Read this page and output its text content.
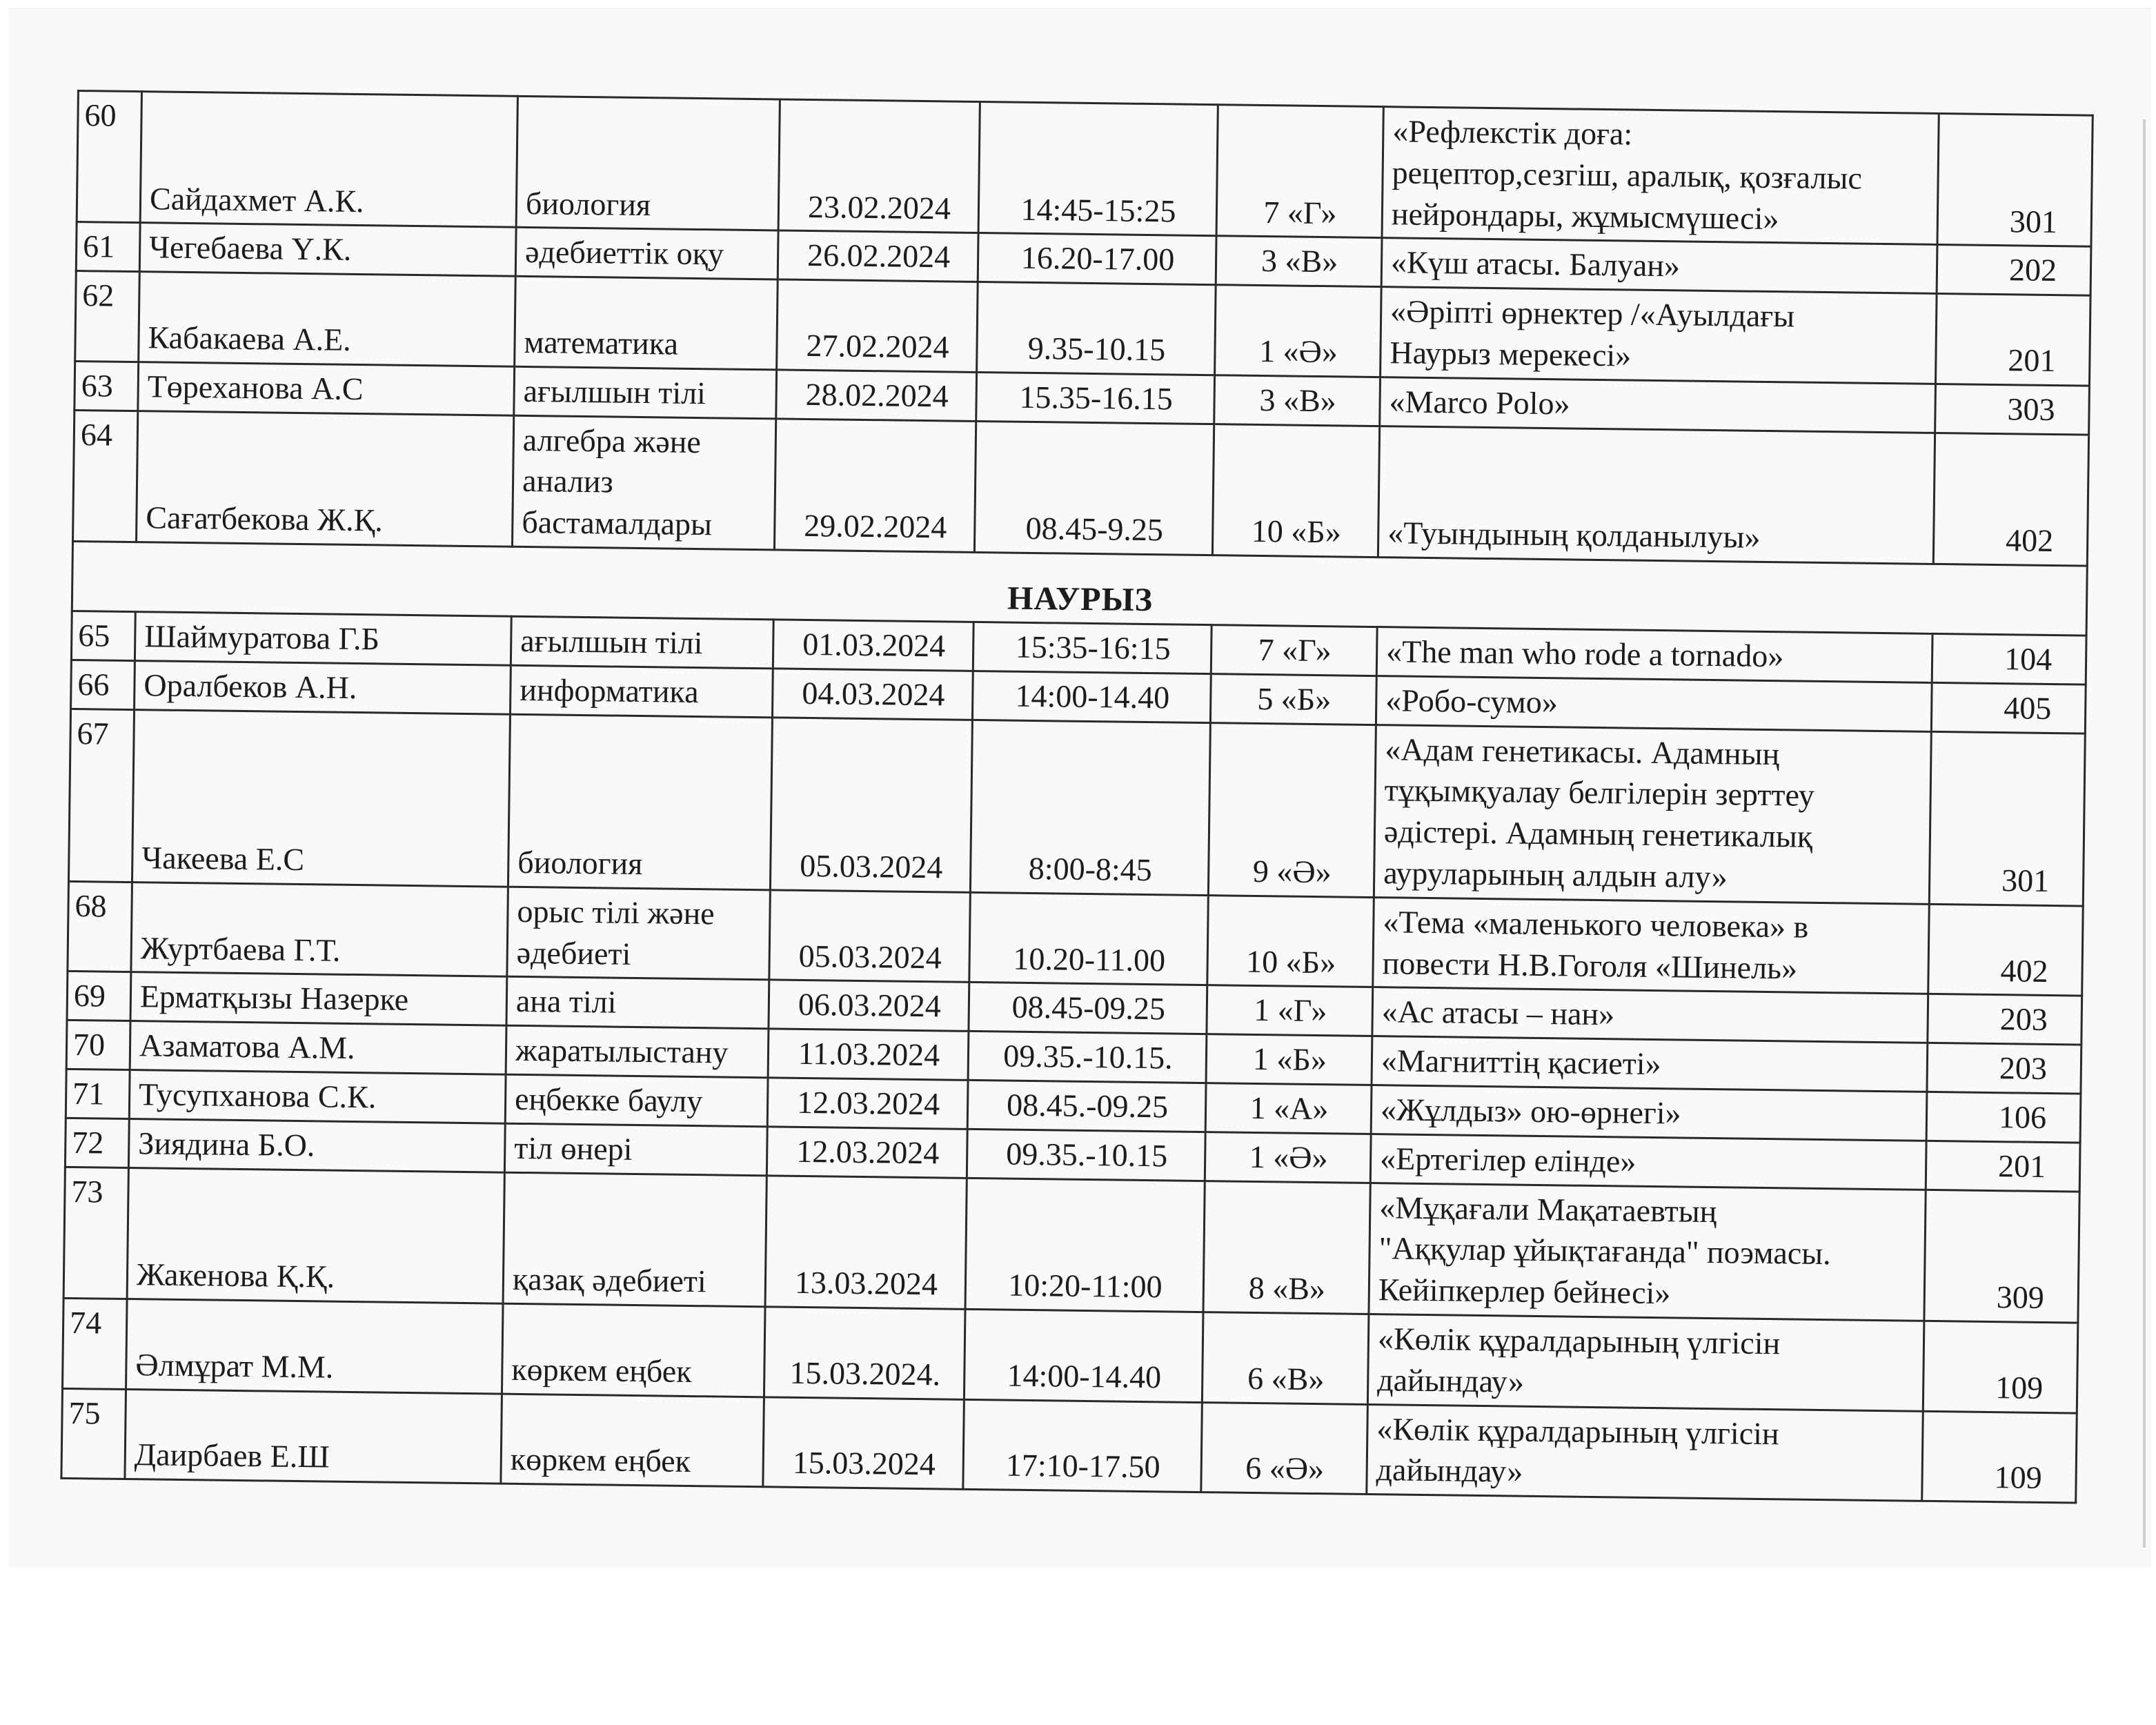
60	Сайдахмет А.К.	биология	23.02.2024	14:45-15:25	7 «Г»	«Рефлекстік доға:
рецептор,сезгіш, аралық, қозғалыс
нейрондары, жұмысмүшесі»	301
61	Чегебаева Ү.К.	әдебиеттік оқу	26.02.2024	16.20-17.00	3 «В»	«Күш атасы. Балуан»	202
62	Кабакаева А.Е.	математика	27.02.2024	9.35-10.15	1 «Ә»	«Әріпті өрнектер /«Ауылдағы
Наурыз мерекесі»	201
63	Төреханова А.С	ағылшын тілі	28.02.2024	15.35-16.15	3 «В»	«Marco Polo»	303
64	Сағатбекова Ж.Қ.	алгебра және
анализ
бастамалдары	29.02.2024	08.45-9.25	10 «Б»	«Туындының қолданылуы»	402
НАУРЫЗ							
65	Шаймуратова Г.Б	ағылшын тілі	01.03.2024	15:35-16:15	7 «Г»	«The man who rode a tornado»	104
66	Оралбеков А.Н.	информатика	04.03.2024	14:00-14.40	5 «Б»	«Робо-сумо»	405
67	Чакеева Е.С	биология	05.03.2024	8:00-8:45	9 «Ә»	«Адам генетикасы. Адамның
тұқымқуалау белгілерін зерттеу
әдістері. Адамның генетикалық
ауруларының алдын алу»	301
68	Журтбаева Г.Т.	орыс тілі және
әдебиеті	05.03.2024	10.20-11.00	10 «Б»	«Тема «маленького человека» в
повести Н.В.Гоголя «Шинель»	402
69	Ерматқызы Назерке	ана тілі	06.03.2024	08.45-09.25	1 «Г»	«Ас атасы – нан»	203
70	Азаматова А.М.	жаратылыстану	11.03.2024	09.35.-10.15.	1 «Б»	«Магниттің қасиеті»	203
71	Тусупханова С.К.	еңбекке баулу	12.03.2024	08.45.-09.25	1 «А»	«Жұлдыз» ою-өрнегі»	106
72	Зиядина Б.О.	тіл өнері	12.03.2024	09.35.-10.15	1 «Ә»	«Ертегілер елінде»	201
73	Жакенова Қ.Қ.	қазақ әдебиеті	13.03.2024	10:20-11:00	8 «В»	«Мұқағали Мақатаевтың
"Аққулар ұйықтағанда" поэмасы.
Кейіпкерлер бейнесі»	309
74	Әлмұрат М.М.	көркем еңбек	15.03.2024.	14:00-14.40	6 «В»	«Көлік құралдарының үлгісін
дайындау»	109
75	Даирбаев Е.Ш	көркем еңбек	15.03.2024	17:10-17.50	6 «Ә»	«Көлік құралдарының үлгісін
дайындау»	109
